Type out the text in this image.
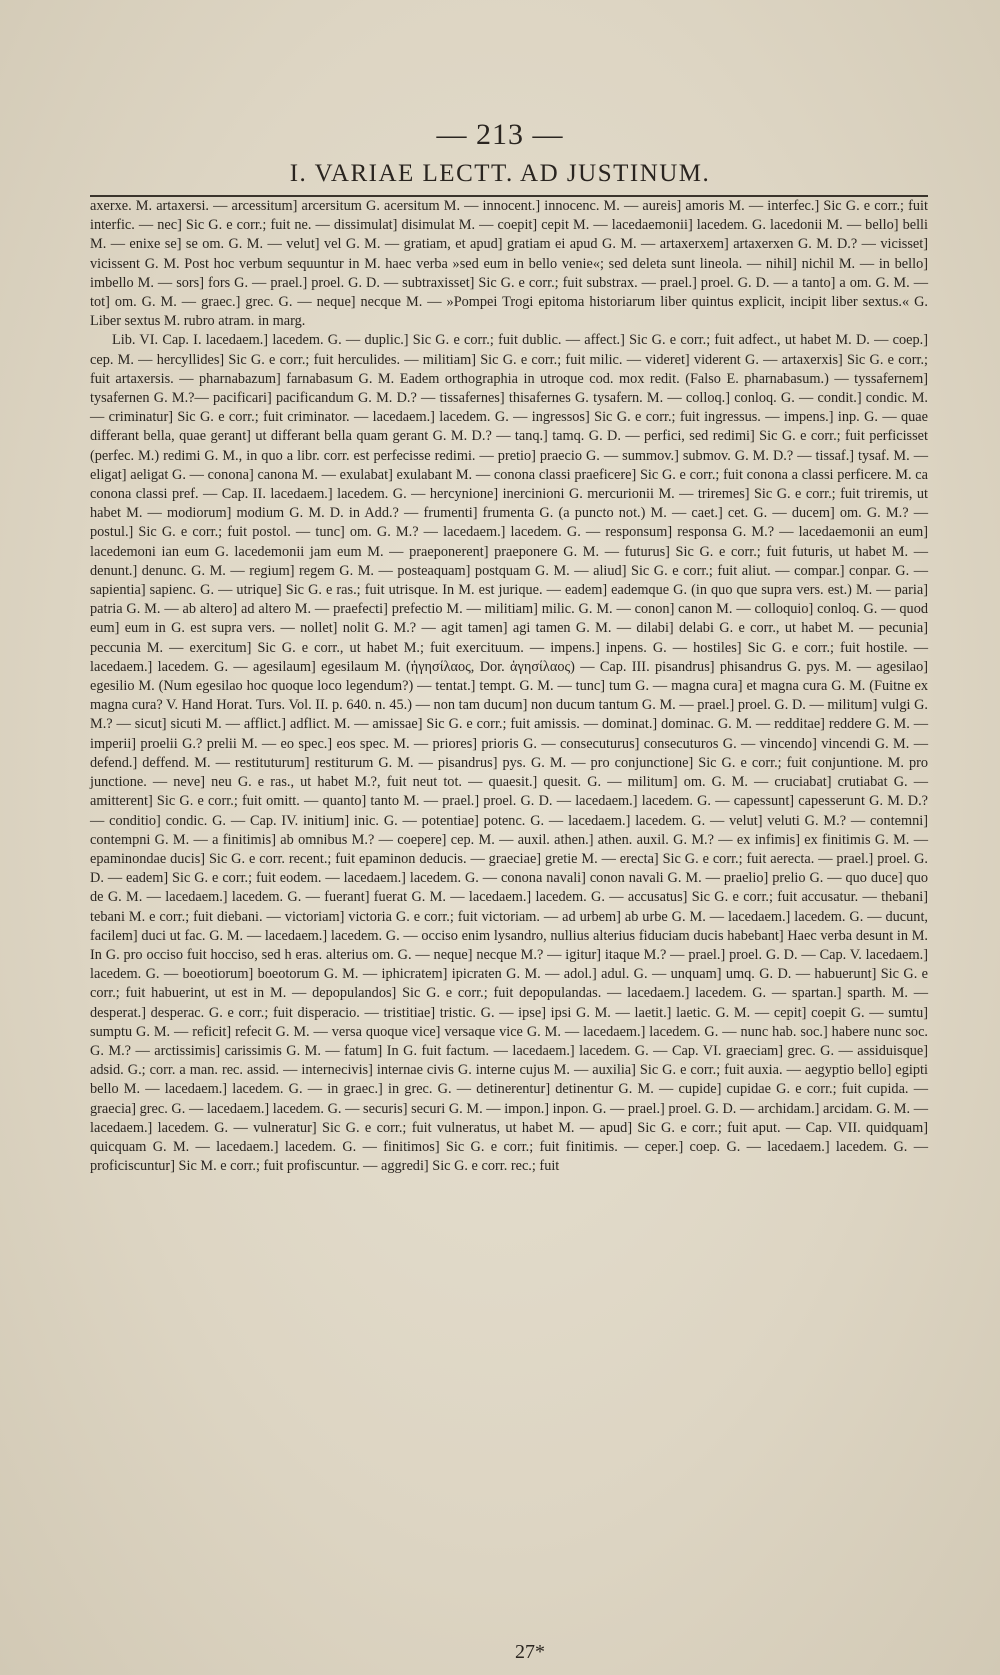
— 213 —
I. VARIAE LECTT. AD JUSTINUM.

axerxe. M. artaxersi. — arcessitum] arcersitum G. acersitum M. — innocent.] innocenc. M. — aureis] amoris M. — interfec.] Sic G. e corr.; fuit interfic. — nec] Sic G. e corr.; fuit ne. — dissimulat] disimulat M. — coepit] cepit M. — lacedaemonii] lacedem. G. lacedonii M. — bello] belli M. — enixe se] se om. G. M. — velut] vel G. M. — gratiam, et apud] gratiam ei apud G. M. — artaxerxem] artaxerxen G. M. D.? — vicisset] vicissent G. M. Post hoc verbum sequuntur in M. haec verba »sed eum in bello venie«; sed deleta sunt lineola. — nihil] nichil M. — in bello] imbello M. — sors] fors G. — prael.] proel. G. D. — subtraxisset] Sic G. e corr.; fuit substrax. — prael.] proel. G. D. — a tanto] a om. G. M. — tot] om. G. M. — graec.] grec. G. — neque] necque M. — »Pompei Trogi epitoma historiarum liber quintus explicit, incipit liber sextus.« G. Liber sextus M. rubro atram. in marg.

Lib. VI. Cap. I. lacedaem.] lacedem. G. — duplic.] Sic G. e corr.; fuit dublic. — affect.] Sic G. e corr.; fuit adfect., ut habet M. D. — coep.] cep. M. — hercyllides] Sic G. e corr.; fuit herculides. — militiam] Sic G. e corr.; fuit milic. — videret] viderent G. — artaxerxis] Sic G. e corr.; fuit artaxersis. — pharnabazum] farnabasum G. M. Eadem orthographia in utroque cod. mox redit. (Falso E. pharnabasum.) — tyssafernem] tysafernen G. M.?— pacificari] pacificandum G. M. D.? — tissafernes] thisafernes G. tysafern. M. — colloq.] conloq. G. — condit.] condic. M. — criminatur] Sic G. e corr.; fuit criminator. — lacedaem.] lacedem. G. — ingressos] Sic G. e corr.; fuit ingressus. — impens.] inp. G. — quae differant bella, quae gerant] ut differant bella quam gerant G. M. D.? — tanq.] tamq. G. D. — perfici, sed redimi] Sic G. e corr.; fuit perficisset (perfec. M.) redimi G. M., in quo a libr. corr. est perfecisse redimi. — pretio] praecio G. — summov.] submov. G. M. D.? — tissaf.] tysaf. M. — eligat] aeligat G. — conona] canona M. — exulabat] exulabant M. — conona classi praeficere] Sic G. e corr.; fuit conona a classi perficere. M. ca conona classi pref. — Cap. II. lacedaem.] lacedem. G. — hercynione] inercinioni G. mercurionii M. — triremes] Sic G. e corr.; fuit triremis, ut habet M. — modiorum] modium G. M. D. in Add.? — frumenti] frumenta G. (a puncto not.) M. — caet.] cet. G. — ducem] om. G. M.? — postul.] Sic G. e corr.; fuit postol. — tunc] om. G. M.? — lacedaem.] lacedem. G. — responsum] responsa G. M.? — lacedaemonii an eum] lacedemoni ian eum G. lacedemonii jam eum M. — praeponerent] praeponere G. M. — futurus] Sic G. e corr.; fuit futuris, ut habet M. — denunt.] denunc. G. M. — regium] regem G. M. — posteaquam] postquam G. M. — aliud] Sic G. e corr.; fuit aliut. — compar.] conpar. G. — sapientia] sapienc. G. — utrique] Sic G. e ras.; fuit utrisque. In M. est jurique. — eadem] eademque G. (in quo que supra vers. est.) M. — paria] patria G. M. — ab altero] ad altero M. — praefecti] prefectio M. — militiam] milic. G. M. — conon] canon M. — colloquio] conloq. G. — quod eum] eum in G. est supra vers. — nollet] nolit G. M.? — agit tamen] agi tamen G. M. — dilabi] delabi G. e corr., ut habet M. — pecunia] peccunia M. — exercitum] Sic G. e corr., ut habet M.; fuit exercituum. — impens.] inpens. G. — hostiles] Sic G. e corr.; fuit hostile. — lacedaem.] lacedem. G. — agesilaum] egesilaum M. (ἡγησίλαος, Dor. ἁγησίλαος) — Cap. III. pisandrus] phisandrus G. pys. M. — agesilao] egesilio M. (Num egesilao hoc quoque loco legendum?) — tentat.] tempt. G. M. — tunc] tum G. — magna cura] et magna cura G. M. (Fuitne ex magna cura? V. Hand Horat. Turs. Vol. II. p. 640. n. 45.) — non tam ducum] non ducum tantum G. M. — prael.] proel. G. D. — militum] vulgi G. M.? — sicut] sicuti M. — afflict.] adflict. M. — amissae] Sic G. e corr.; fuit amissis. — dominat.] dominac. G. M. — redditae] reddere G. M. — imperii] proelii G.? prelii M. — eo spec.] eos spec. M. — priores] prioris G. — consecuturus] consecuturos G. — vincendo] vincendi G. M. — defend.] deffend. M. — restituturum] restiturum G. M. — pisandrus] pys. G. M. — pro conjunctione] Sic G. e corr.; fuit conjuntione. M. pro junctione. — neve] neu G. e ras., ut habet M.?, fuit neut tot. — quaesit.] quesit. G. — militum] om. G. M. — cruciabat] crutiabat G. — amitterent] Sic G. e corr.; fuit omitt. — quanto] tanto M. — prael.] proel. G. D. — lacedaem.] lacedem. G. — capessunt] capesserunt G. M. D.? — conditio] condic. G. — Cap. IV. initium] inic. G. — potentiae] potenc. G. — lacedaem.] lacedem. G. — velut] veluti G. M.? — contemni] contempni G. M. — a finitimis] ab omnibus M.? — coepere] cep. M. — auxil. athen.] athen. auxil. G. M.? — ex infimis] ex finitimis G. M. — epaminondae ducis] Sic G. e corr. recent.; fuit epaminon deducis. — graeciae] gretie M. — erecta] Sic G. e corr.; fuit aerecta. — prael.] proel. G. D. — eadem] Sic G. e corr.; fuit eodem. — lacedaem.] lacedem. G. — conona navali] conon navali G. M. — praelio] prelio G. — quo duce] quo de G. M. — lacedaem.] lacedem. G. — fuerant] fuerat G. M. — lacedaem.] lacedem. G. — accusatus] Sic G. e corr.; fuit accusatur. — thebani] tebani M. e corr.; fuit diebani. — victoriam] victoria G. e corr.; fuit victoriam. — ad urbem] ab urbe G. M. — lacedaem.] lacedem. G. — ducunt, facilem] duci ut fac. G. M. — lacedaem.] lacedem. G. — occiso enim lysandro, nullius alterius fiduciam ducis habebant] Haec verba desunt in M. In G. pro occiso fuit hocciso, sed h eras. alterius om. G. — neque] necque M.? — igitur] itaque M.? — prael.] proel. G. D. — Cap. V. lacedaem.] lacedem. G. — boeotiorum] boeotorum G. M. — iphicratem] ipicraten G. M. — adol.] adul. G. — unquam] umq. G. D. — habuerunt] Sic G. e corr.; fuit habuerint, ut est in M. — depopulandos] Sic G. e corr.; fuit depopulandas. — lacedaem.] lacedem. G. — spartan.] sparth. M. — desperat.] desperac. G. e corr.; fuit disperacio. — tristitiae] tristic. G. — ipse] ipsi G. M. — laetit.] laetic. G. M. — cepit] coepit G. — sumtu] sumptu G. M. — reficit] refecit G. M. — versa quoque vice] versaque vice G. M. — lacedaem.] lacedem. G. — nunc hab. soc.] habere nunc soc. G. M.? — arctissimis] carissimis G. M. — fatum] In G. fuit factum. — lacedaem.] lacedem. G. — Cap. VI. graeciam] grec. G. — assiduisque] adsid. G.; corr. a man. rec. assid. — internecivis] internae civis G. interne cujus M. — auxilia] Sic G. e corr.; fuit auxia. — aegyptio bello] egipti bello M. — lacedaem.] lacedem. G. — in graec.] in grec. G. — detinerentur] detinentur G. M. — cupide] cupidae G. e corr.; fuit cupida. — graecia] grec. G. — lacedaem.] lacedem. G. — securis] securi G. M. — impon.] inpon. G. — prael.] proel. G. D. — archidam.] arcidam. G. M. — lacedaem.] lacedem. G. — vulneratur] Sic G. e corr.; fuit vulneratus, ut habet M. — apud] Sic G. e corr.; fuit aput. — Cap. VII. quidquam] quicquam G. M. — lacedaem.] lacedem. G. — finitimos] Sic G. e corr.; fuit finitimis. — ceper.] coep. G. — lacedaem.] lacedem. G. — proficiscuntur] Sic M. e corr.; fuit profiscuntur. — aggredi] Sic G. e corr. rec.; fuit

27*
